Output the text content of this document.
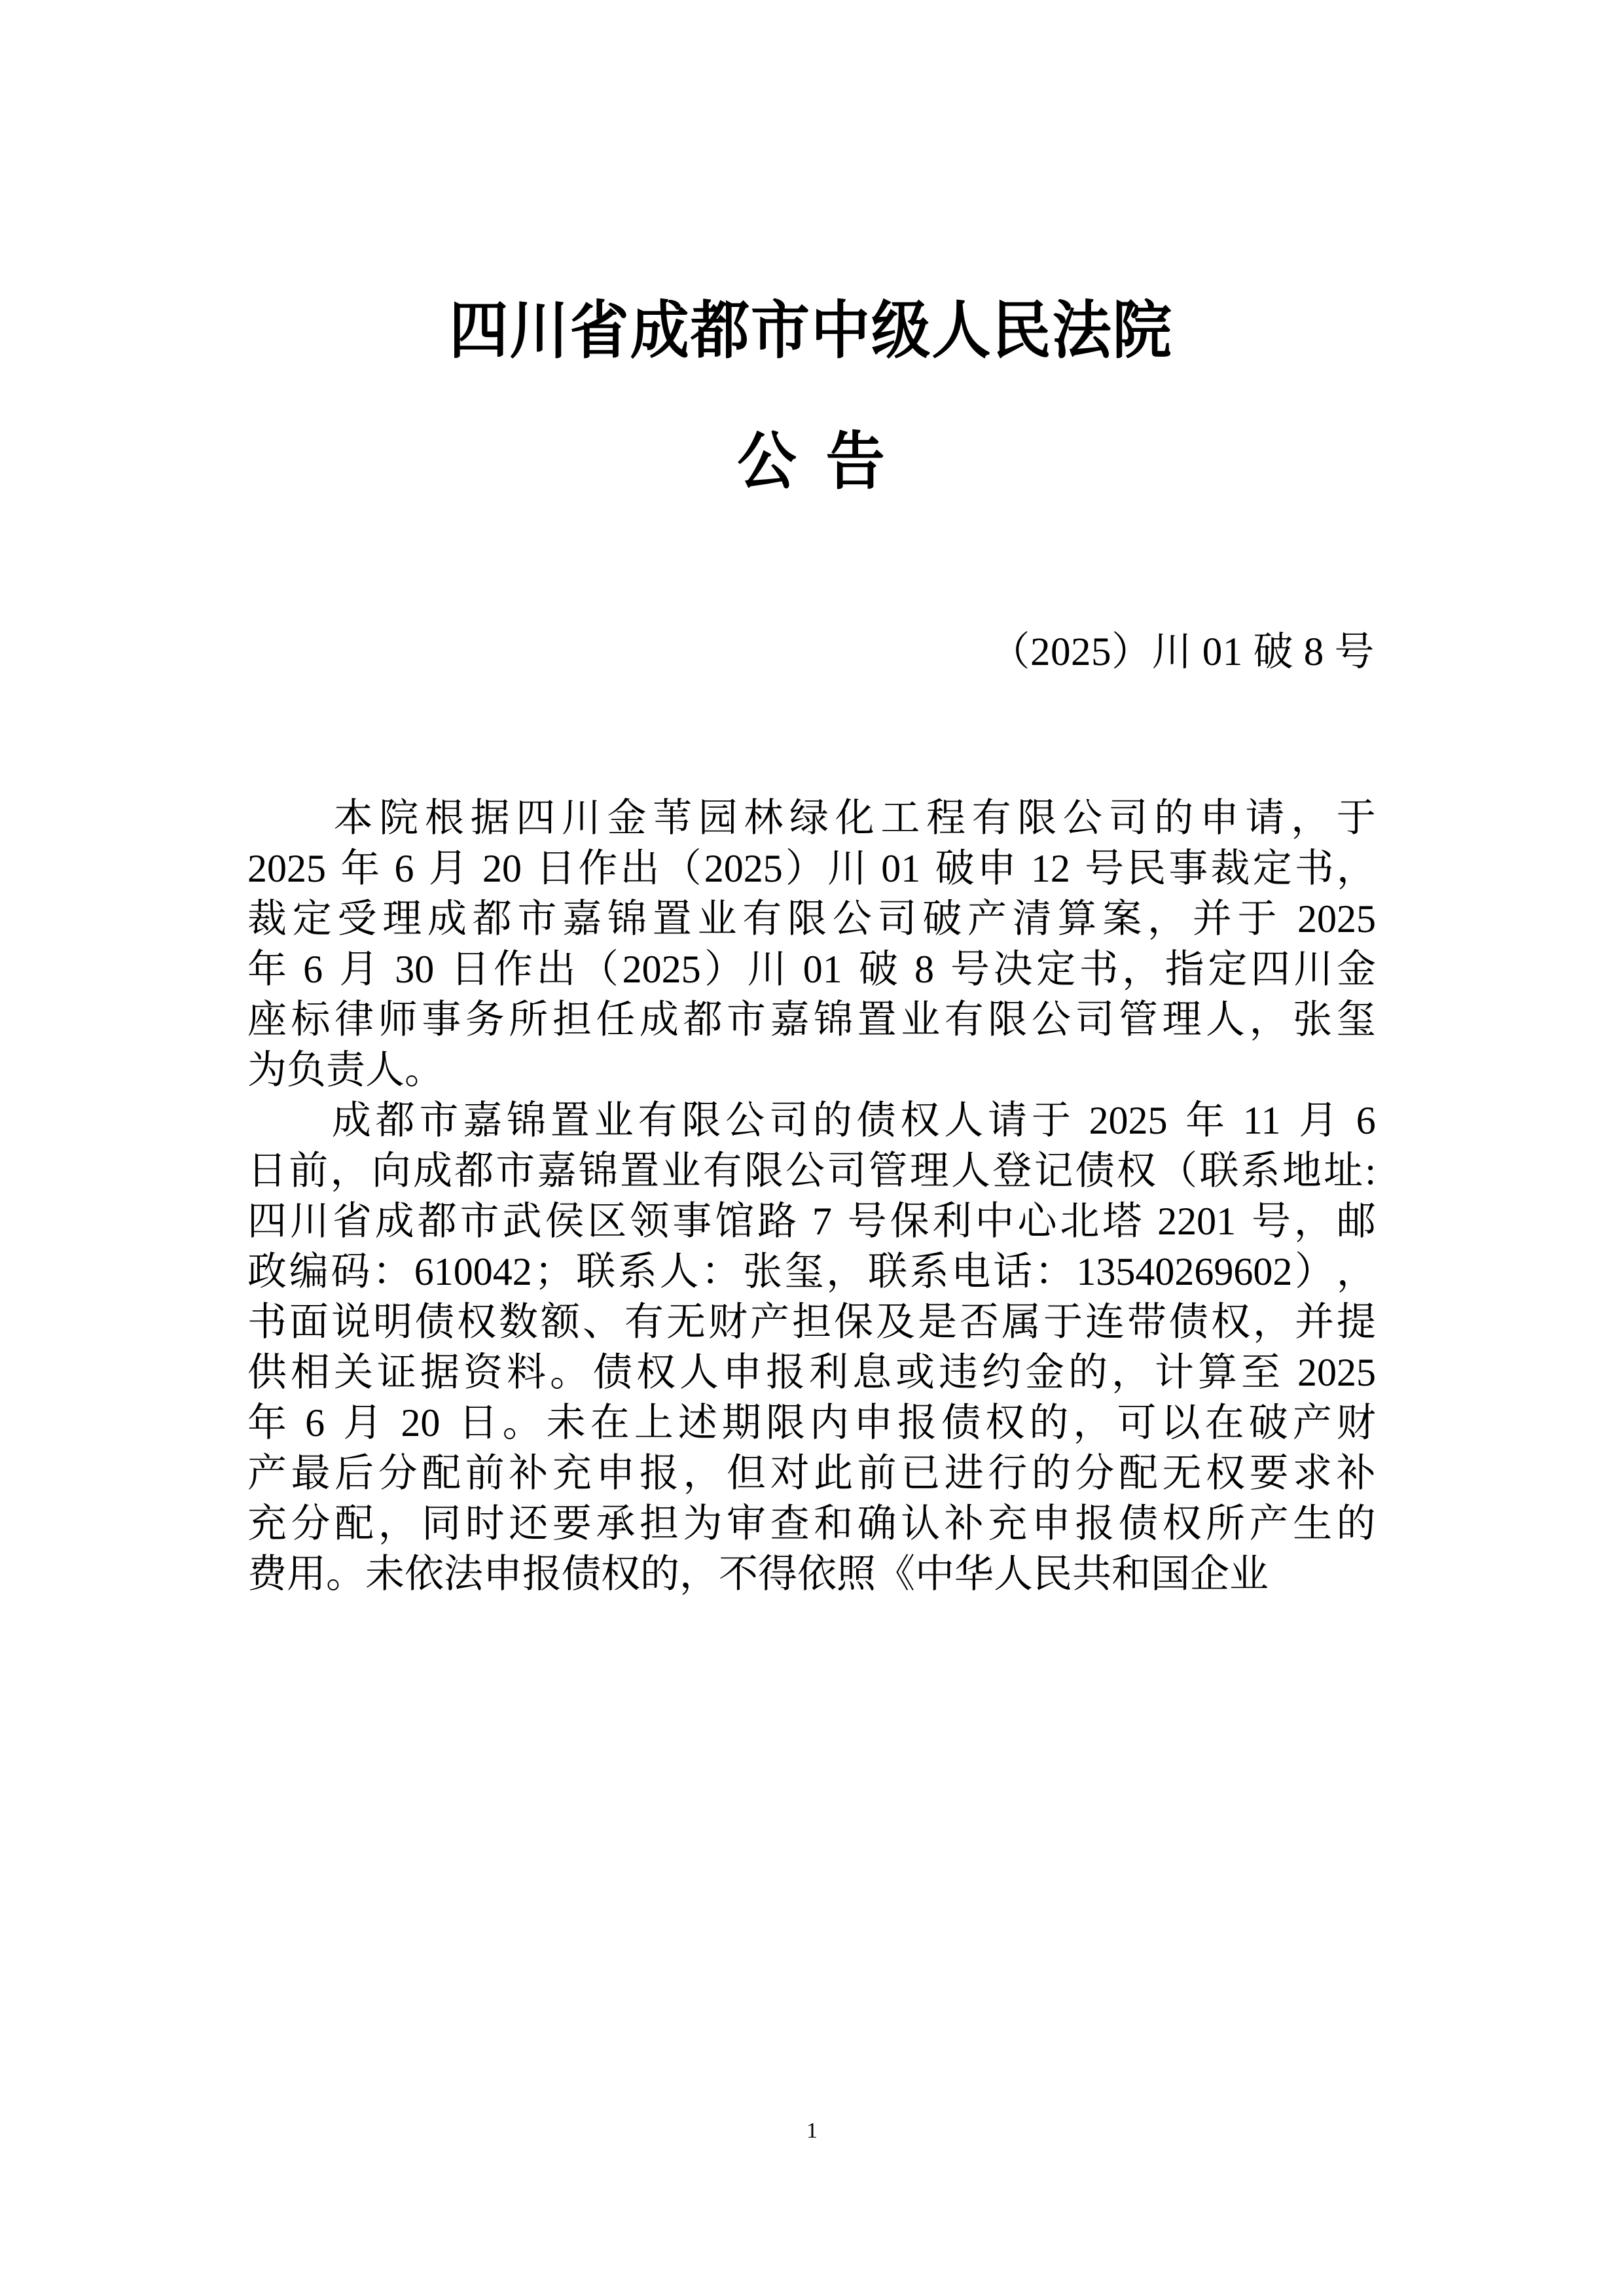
四川省成都市中级人民法院
公  告
（2025）川 01 破 8 号
本 院 根 据 四 川 金 苇 园 林 绿 化 工 程 有 限 公 司 的 申 请 ， 于
2025
年
6
月
20
日 作 出 （ 2025 ） 川
01
破 申
12
号 民 事 裁 定 书 ，
裁 定 受 理 成 都 市 嘉 锦 置 业 有 限 公 司 破 产 清 算 案 ， 并 于
2025
年
6
月
30
日 作 出 （ 2025 ） 川
01
破
8
号 决 定 书 ， 指 定 四 川 金
座 标 律 师 事 务 所 担 任 成 都 市 嘉 锦 置 业 有 限 公 司 管 理 人 ， 张 玺
为 负 责 人 。
成 都 市 嘉 锦 置 业 有 限 公 司 的 债 权 人 请 于
2025
年
11
月
6
日 前 ， 向 成 都 市 嘉 锦 置 业 有 限 公 司 管 理 人 登 记 债 权 （ 联 系 地 址 :
四 川 省 成 都 市 武 侯 区 领 事 馆 路
7
号 保 利 中 心 北 塔
2201
号 ， 邮
政 编 码 ： 610042 ； 联 系 人 ： 张 玺 ， 联 系 电 话 ： 13540269602 ） ，
书 面 说 明 债 权 数 额 、 有 无 财 产 担 保 及 是 否 属 于 连 带 债 权 ， 并 提
供 相 关 证 据 资 料 。 债 权 人 申 报 利 息 或 违 约 金 的 ， 计 算 至
2025
年
6
月
20
日 。 未 在 上 述 期 限 内 申 报 债 权 的 ， 可 以 在 破 产 财
产 最 后 分 配 前 补 充 申 报 ， 但 对 此 前 已 进 行 的 分 配 无 权 要 求 补
充 分 配 ， 同 时 还 要 承 担 为 审 查 和 确 认 补 充 申 报 债 权 所 产 生 的
费 用 。 未 依 法 申 报 债 权 的 ， 不 得 依 照 《 中 华 人 民 共 和 国 企 业
1
